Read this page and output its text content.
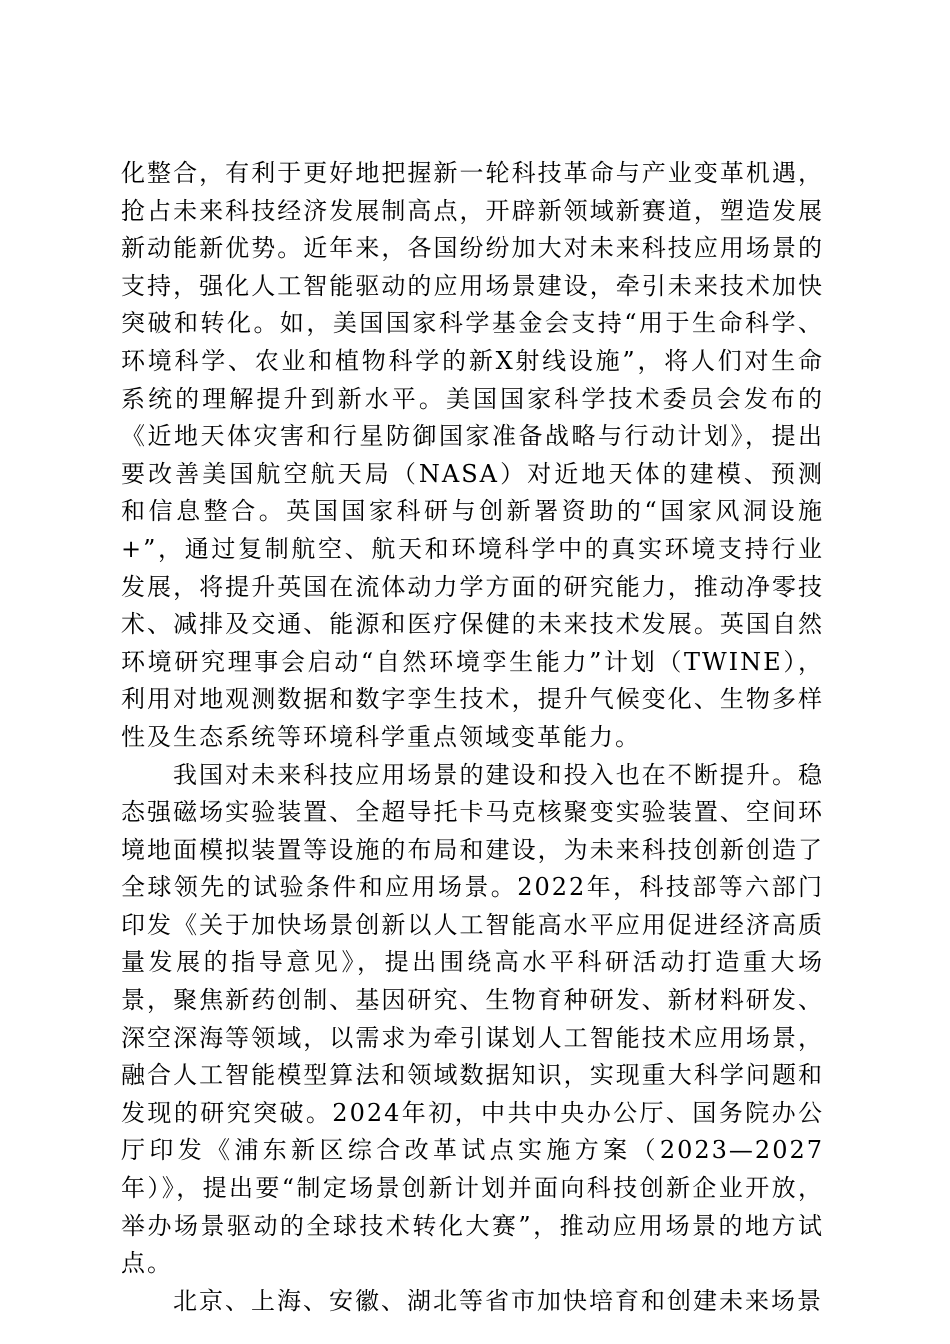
化整合，有利于更好地把握新一轮科技革命与产业变革机遇，抢占未来科技经济发展制高点，开辟新领域新赛道，塑造发展新动能新优势。近年来，各国纷纷加大对未来科技应用场景的支持，强化人工智能驱动的应用场景建设，牵引未来技术加快突破和转化。如，美国国家科学基金会支持“用于生命科学、环境科学、农业和植物科学的新X射线设施”，将人们对生命系统的理解提升到新水平。美国国家科学技术委员会发布的《近地天体灾害和行星防御国家准备战略与行动计划》，提出要改善美国航空航天局（NASA）对近地天体的建模、预测和信息整合。英国国家科研与创新署资助的“国家风洞设施+”，通过复制航空、航天和环境科学中的真实环境支持行业发展，将提升英国在流体动力学方面的研究能力，推动净零技术、减排及交通、能源和医疗保健的未来技术发展。英国自然环境研究理事会启动“自然环境孪生能力”计划（TWINE），利用对地观测数据和数字孪生技术，提升气候变化、生物多样性及生态系统等环境科学重点领域变革能力。

我国对未来科技应用场景的建设和投入也在不断提升。稳态强磁场实验装置、全超导托卡马克核聚变实验装置、空间环境地面模拟装置等设施的布局和建设，为未来科技创新创造了全球领先的试验条件和应用场景。2022年，科技部等六部门印发《关于加快场景创新以人工智能高水平应用促进经济高质量发展的指导意见》，提出围绕高水平科研活动打造重大场景，聚焦新药创制、基因研究、生物育种研发、新材料研发、深空深海等领域，以需求为牵引谋划人工智能技术应用场景，融合人工智能模型算法和领域数据知识，实现重大科学问题和发现的研究突破。2024年初，中共中央办公厅、国务院办公厅印发《浦东新区综合改革试点实施方案（2023—2027年）》，提出要“制定场景创新计划并面向科技创新企业开放，举办场景驱动的全球技术转化大赛”，推动应用场景的地方试点。

北京、上海、安徽、湖北等省市加快培育和创建未来场景
